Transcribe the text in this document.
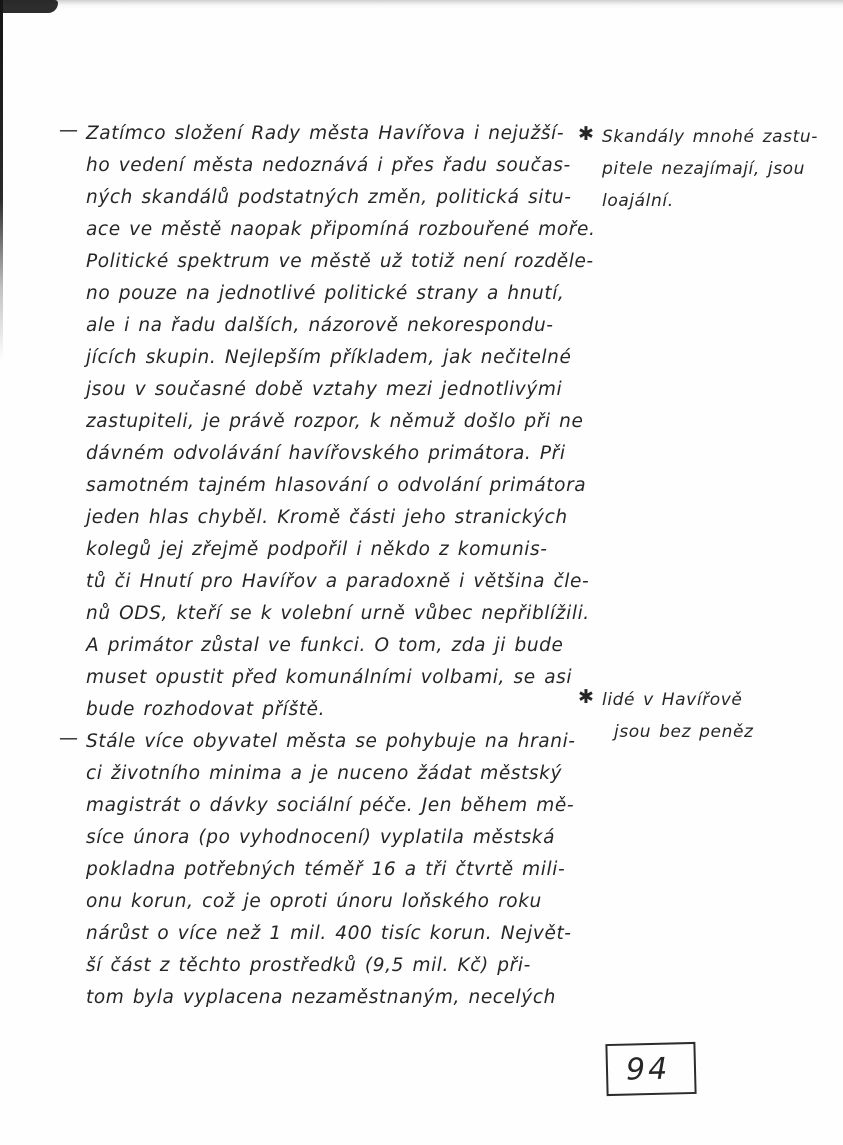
— Zatímco složení Rady města Havířova i nejužší-
ho vedení města nedoznává i přes řadu součas-
ných skandálů podstatných změn, politická situ-
ace ve městě naopak připomíná rozbouřené moře.
Politické spektrum ve městě už totiž není rozděle-
no pouze na jednotlivé politické strany a hnutí,
ale i na řadu dalších, názorově nekorespondu-
jících skupin. Nejlepším příkladem, jak nečitelné
jsou v současné době vztahy mezi jednotlivými
zastupiteli, je právě rozpor, k němuž došlo při ne
dávném odvolávání havířovského primátora. Při
samotném tajném hlasování o odvolání primátora
jeden hlas chyběl. Kromě části jeho stranických
kolegů jej zřejmě podpořil i někdo z komunis-
tů či Hnutí pro Havířov a paradoxně i většina čle-
nů ODS, kteří se k volební urně vůbec nepřiblížili.
A primátor zůstal ve funkci. O tom, zda ji bude
muset opustit před komunálními volbami, se asi
bude rozhodovat příště.
— Stále více obyvatel města se pohybuje na hrani-
ci životního minima a je nuceno žádat městský
magistrát o dávky sociální péče. Jen během mě-
síce února (po vyhodnocení) vyplatila městská
pokladna potřebných téměř 16 a tři čtvrtě mili-
onu korun, což je oproti únoru loňského roku
nárůst o více než 1 mil. 400 tisíc korun. Největ-
ší část z těchto prostředků (9,5 mil. Kč) při-
tom byla vyplacena nezaměstnaným, necelých
✱ Skandály mnohé zastu-
pitele nezajímají, jsou
loajální.
✱ lidé v Havířově
jsou bez peněz
94
